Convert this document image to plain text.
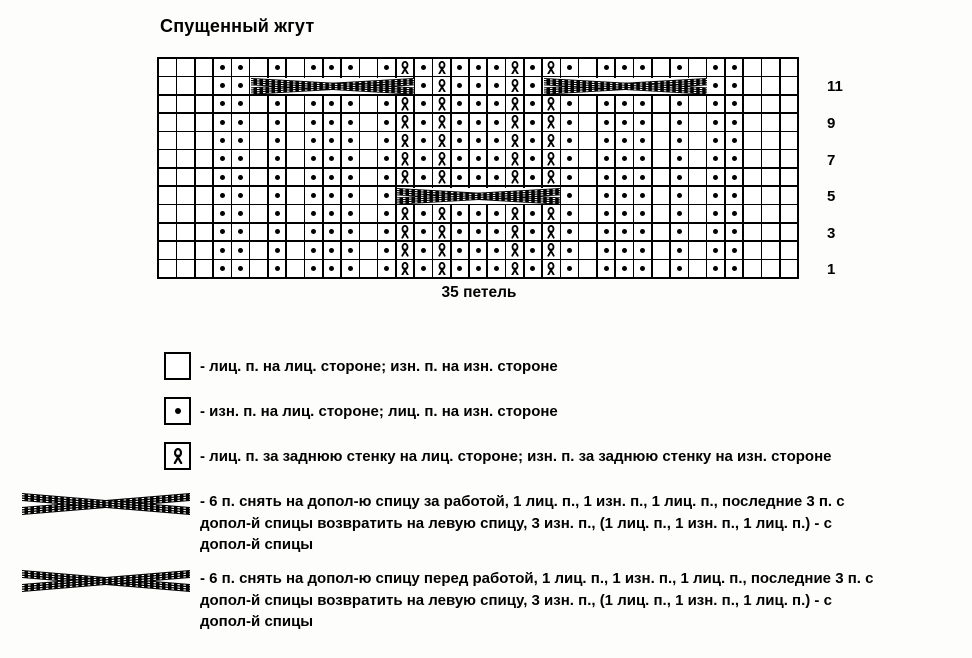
Спущенный жгут
11
9
7
5
3
1
35 петель
- лиц. п. на лиц. стороне; изн. п. на изн. стороне
- изн. п. на лиц. стороне; лиц. п. на изн. стороне
- лиц. п. за заднюю стенку на лиц. стороне; изн. п. за заднюю стенку на изн. стороне
- 6 п. снять на допол-ю спицу за работой, 1 лиц. п., 1 изн. п., 1 лиц. п., последние 3 п. с
допол-й спицы возвратить на левую спицу, 3 изн. п., (1 лиц. п., 1 изн. п., 1 лиц. п.) - с
допол-й спицы
- 6 п. снять на допол-ю спицу перед работой, 1 лиц. п., 1 изн. п., 1 лиц. п., последние 3 п. с
допол-й спицы возвратить на левую спицу, 3 изн. п., (1 лиц. п., 1 изн. п., 1 лиц. п.) - с
допол-й спицы
